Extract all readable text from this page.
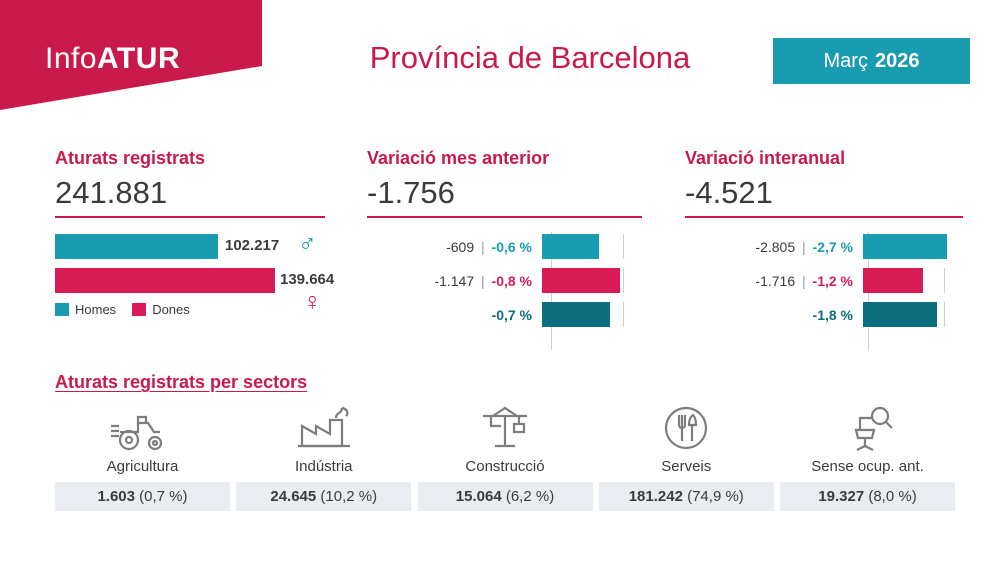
InfoATUR	Província de Barcelona	Març 2026
Aturats registrats
241.881
102.217 ♂
139.664
♀
Homes	Dones
Variació mes anterior
-1.756
-609 | -0,6 %
-1.147 | -0,8 %
-0,7 %
Variació interanual
-4.521
-2.805 | -2,7 %
-1.716 | -1,2 %
-1,8 %
Aturats registrats per sectors
Agricultura
1.603 (0,7 %)
Indústria
24.645 (10,2 %)
Construcció
15.064 (6,2 %)
Serveis
181.242 (74,9 %)
Sense ocup. ant.
19.327 (8,0 %)
